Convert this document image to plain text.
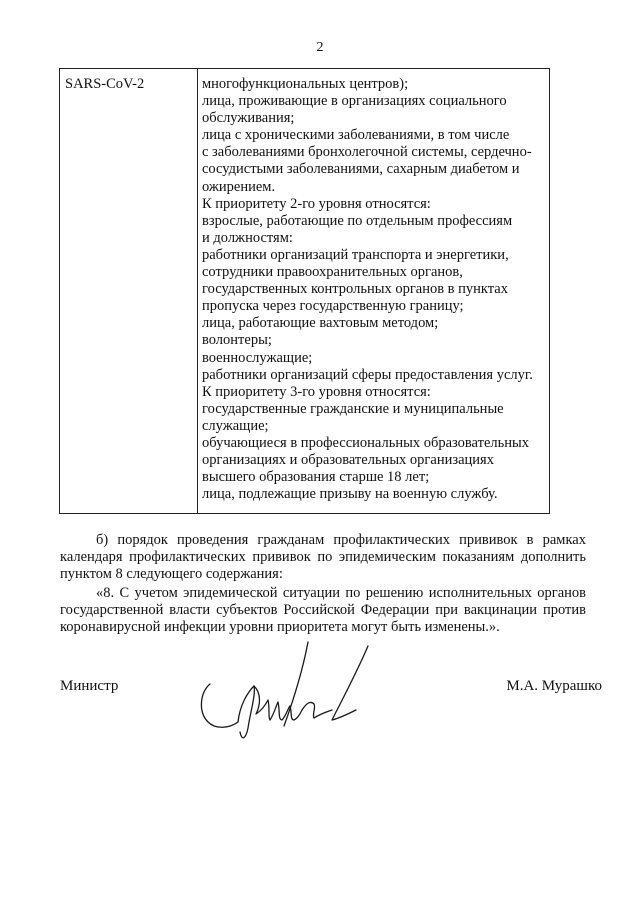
2
SARS-CoV-2	многофункциональных центров);
лица, проживающие в организациях социального
обслуживания;
лица с хроническими заболеваниями, в том числе
с заболеваниями бронхолегочной системы, сердечно-
сосудистыми заболеваниями, сахарным диабетом и
ожирением.
К приоритету 2-го уровня относятся:
взрослые, работающие по отдельным профессиям
и должностям:
работники организаций транспорта и энергетики,
сотрудники правоохранительных органов,
государственных контрольных органов в пунктах
пропуска через государственную границу;
лица, работающие вахтовым методом;
волонтеры;
военнослужащие;
работники организаций сферы предоставления услуг.
К приоритету 3-го уровня относятся:
государственные гражданские и муниципальные
служащие;
обучающиеся в профессиональных образовательных
организациях и образовательных организациях
высшего образования старше 18 лет;
лица, подлежащие призыву на военную службу.

б) порядок проведения гражданам профилактических прививок в рамках календаря профилактических прививок по эпидемическим показаниям дополнить пунктом 8 следующего содержания:

«8. С учетом эпидемической ситуации по решению исполнительных органов государственной власти субъектов Российской Федерации при вакцинации против коронавирусной инфекции уровни приоритета могут быть изменены.».

Министр	М.А. Мурашко
